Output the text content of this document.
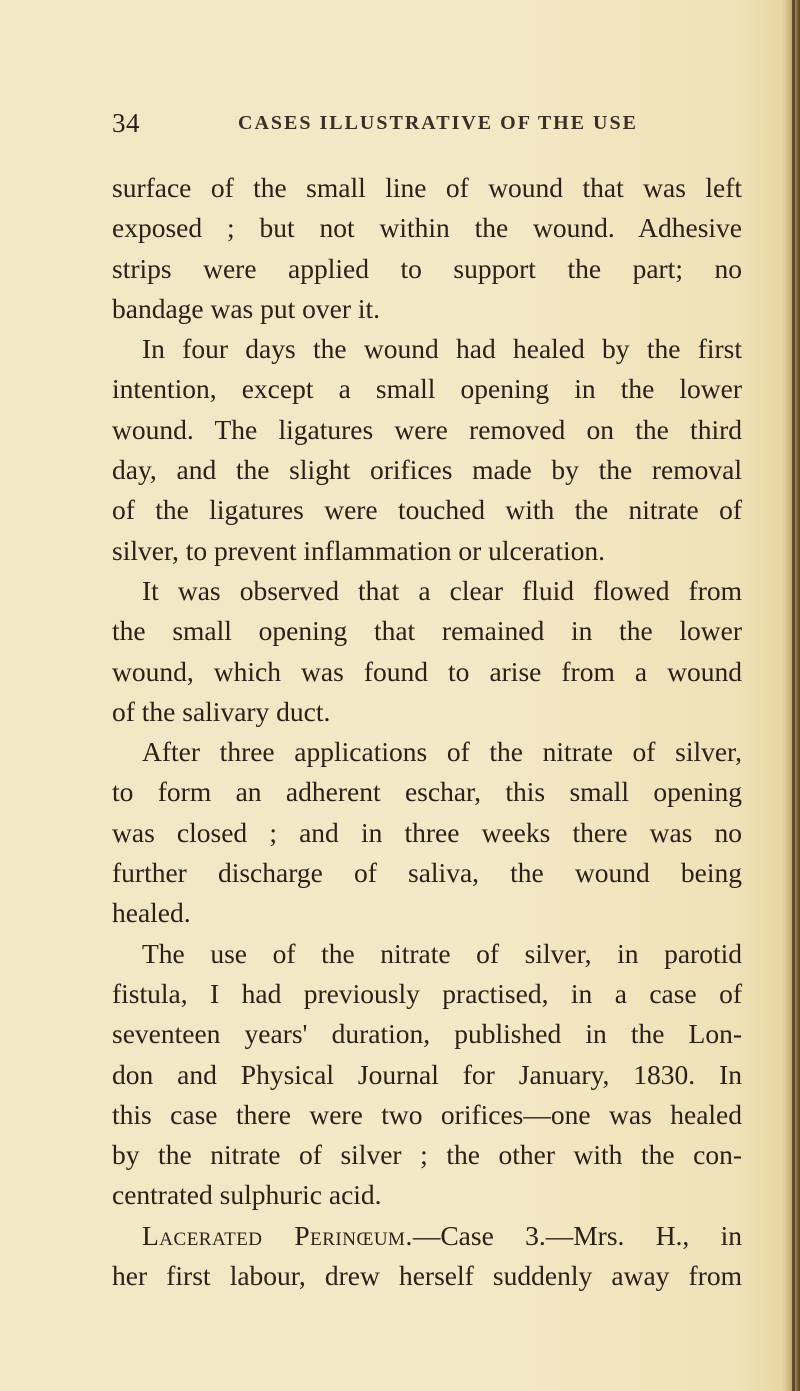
34	CASES ILLUSTRATIVE OF THE USE
surface of the small line of wound that was left
exposed ; but not within the wound. Adhesive
strips were applied to support the part; no
bandage was put over it.
In four days the wound had healed by the first
intention, except a small opening in the lower
wound. The ligatures were removed on the third
day, and the slight orifices made by the removal
of the ligatures were touched with the nitrate of
silver, to prevent inflammation or ulceration.
It was observed that a clear fluid flowed from
the small opening that remained in the lower
wound, which was found to arise from a wound
of the salivary duct.
After three applications of the nitrate of silver,
to form an adherent eschar, this small opening
was closed ; and in three weeks there was no
further discharge of saliva, the wound being
healed.
The use of the nitrate of silver, in parotid
fistula, I had previously practised, in a case of
seventeen years' duration, published in the Lon-
don and Physical Journal for January, 1830. In
this case there were two orifices—one was healed
by the nitrate of silver ; the other with the con-
centrated sulphuric acid.
Lacerated Perinœum.—Case 3.—Mrs. H., in
her first labour, drew herself suddenly away from
